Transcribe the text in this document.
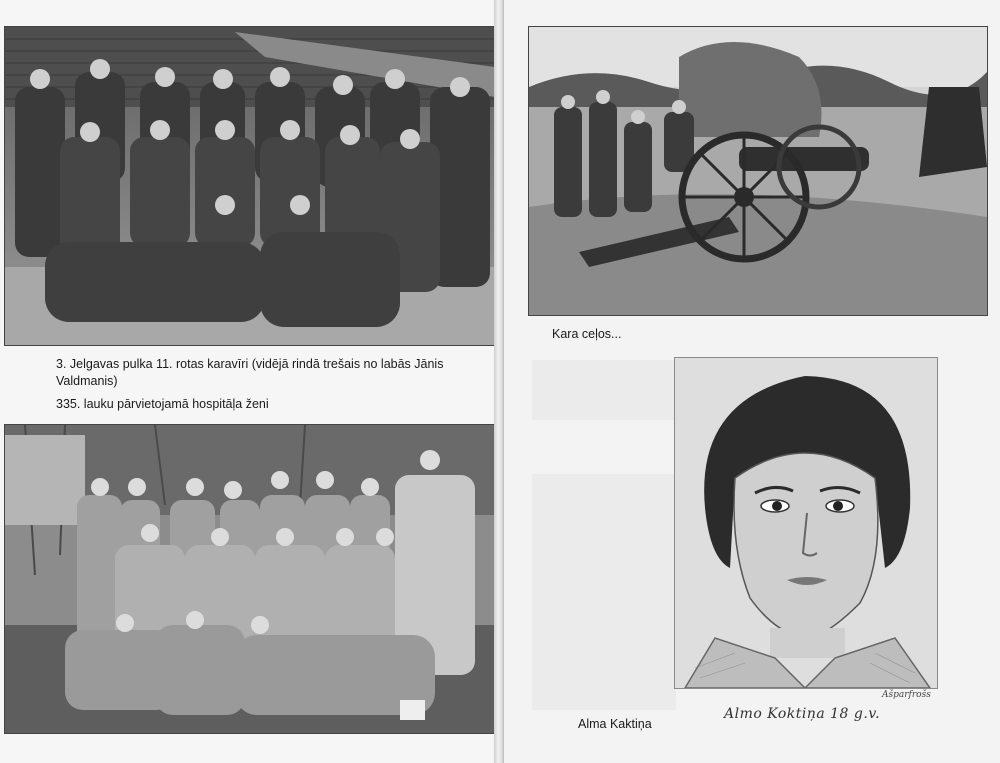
3. Jelgavas pulka 11. rotas karavīri (vidējā rindā trešais no labās Jānis
Valdmanis)
335. lauku pārvietojamā hospitāļa ženi
Kara ceļos...
Ašparfrošs
Almo Koktiņa 18 g.v.
Alma Kaktiņa
